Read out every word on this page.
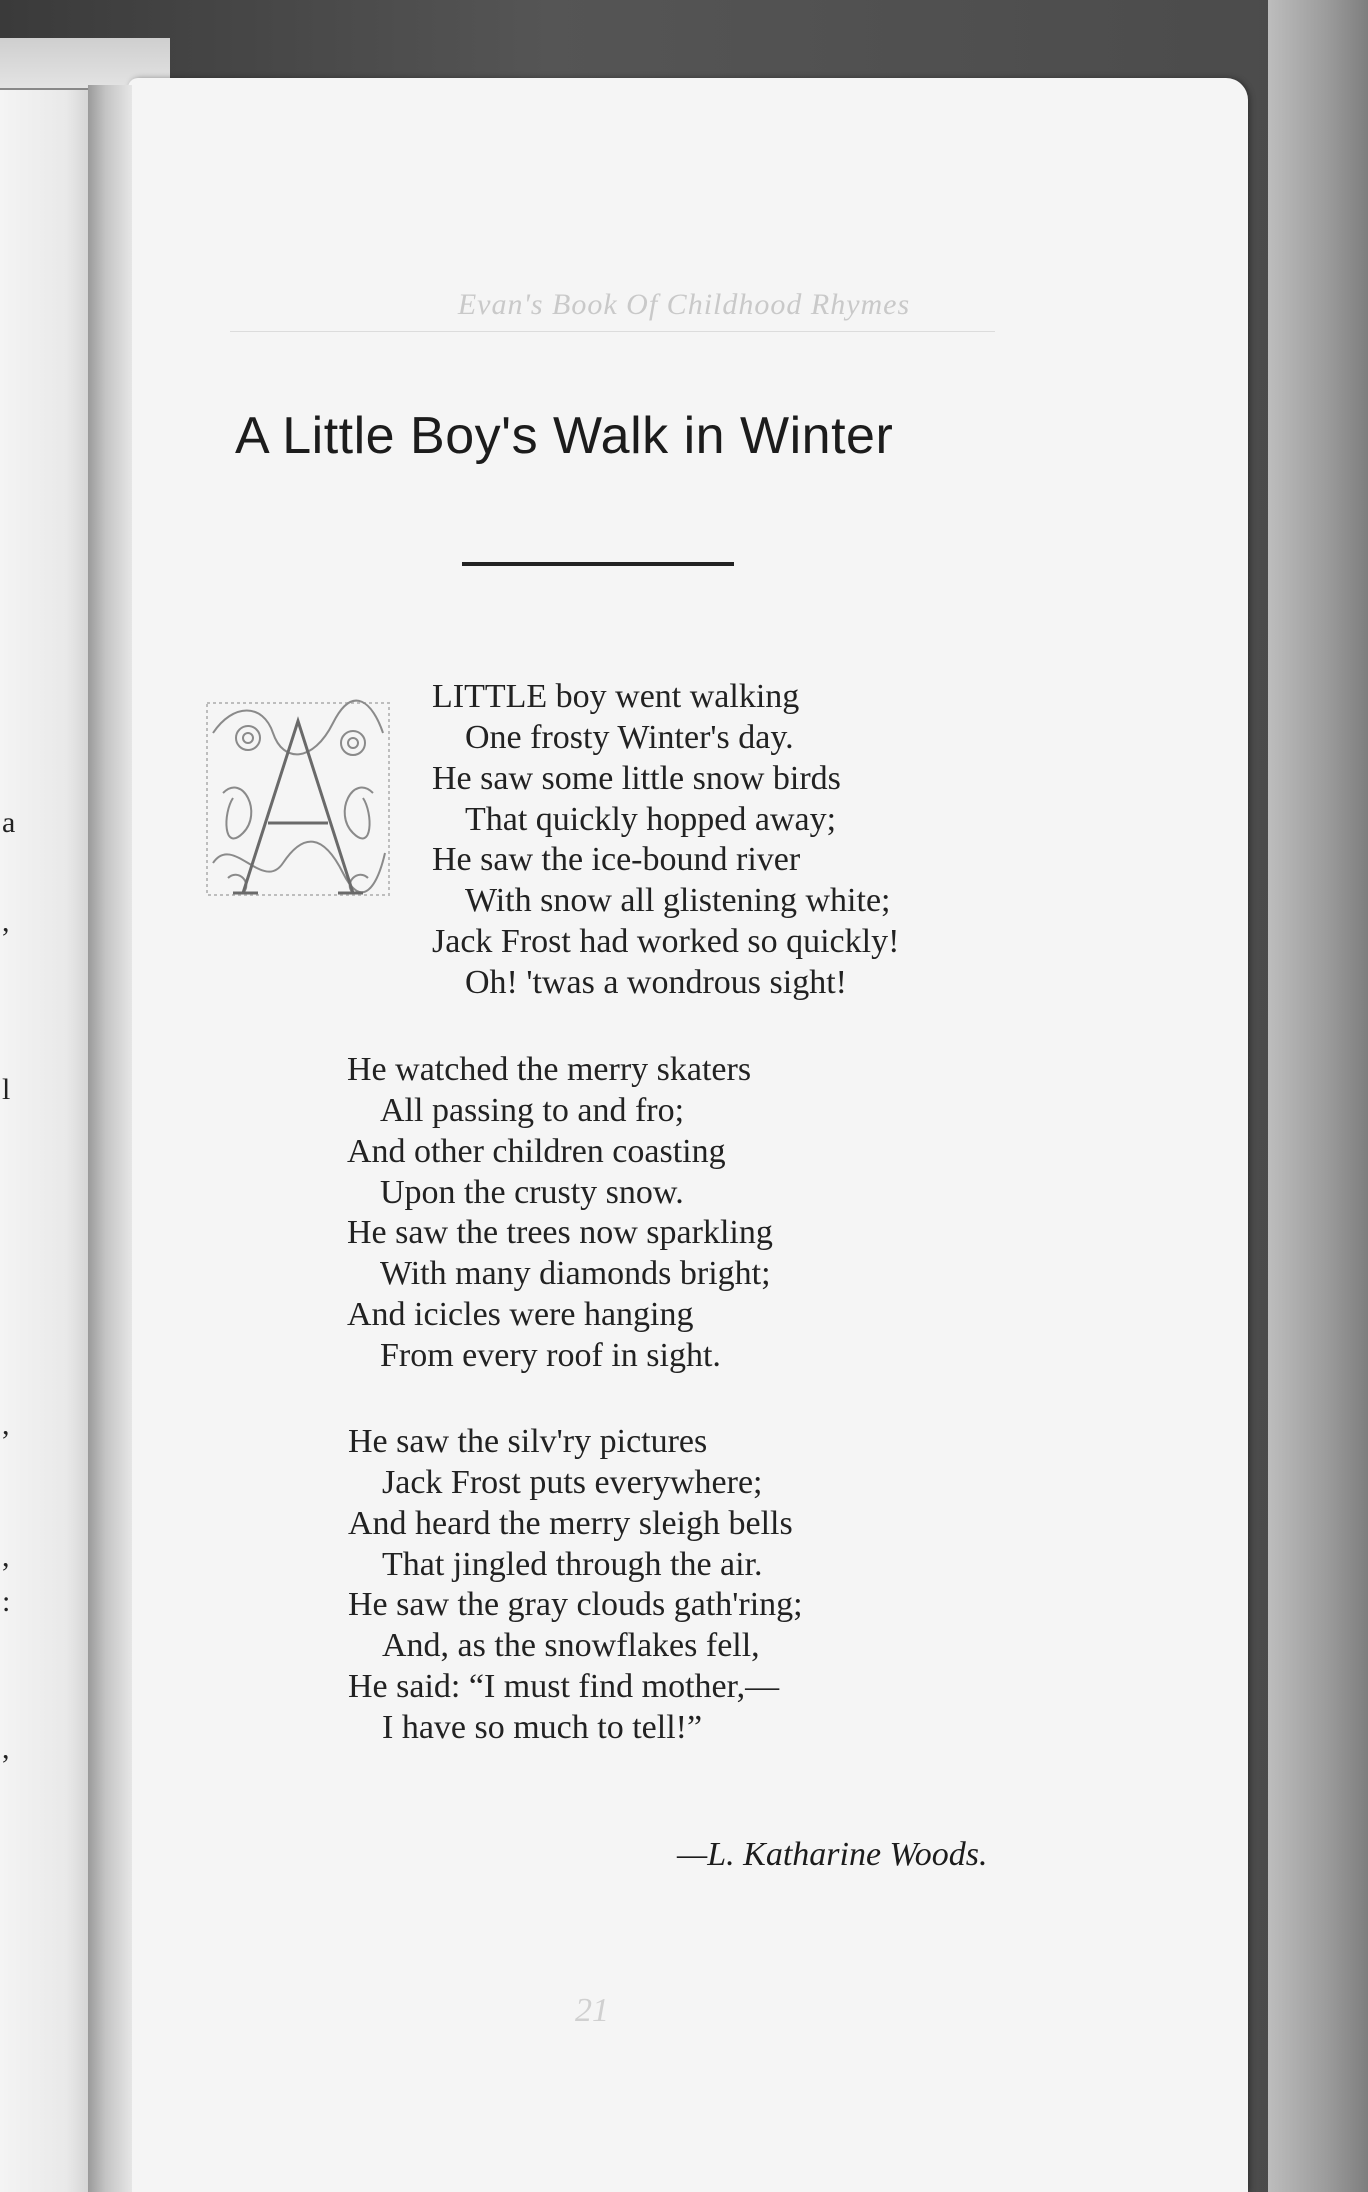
a
,
l
,
,
:
,
Evan's Book Of Childhood Rhymes
A Little Boy's Walk in Winter
A
LITTLE boy went walking
One frosty Winter's day.
He saw some little snow birds
That quickly hopped away;
He saw the ice-bound river
With snow all glistening white;
Jack Frost had worked so quickly!
Oh! 'twas a wondrous sight!
He watched the merry skaters
All passing to and fro;
And other children coasting
Upon the crusty snow.
He saw the trees now sparkling
With many diamonds bright;
And icicles were hanging
From every roof in sight.
He saw the silv'ry pictures
Jack Frost puts everywhere;
And heard the merry sleigh bells
That jingled through the air.
He saw the gray clouds gath'ring;
And, as the snowflakes fell,
He said: “I must find mother,—
I have so much to tell!”
—L. Katharine Woods.
21
